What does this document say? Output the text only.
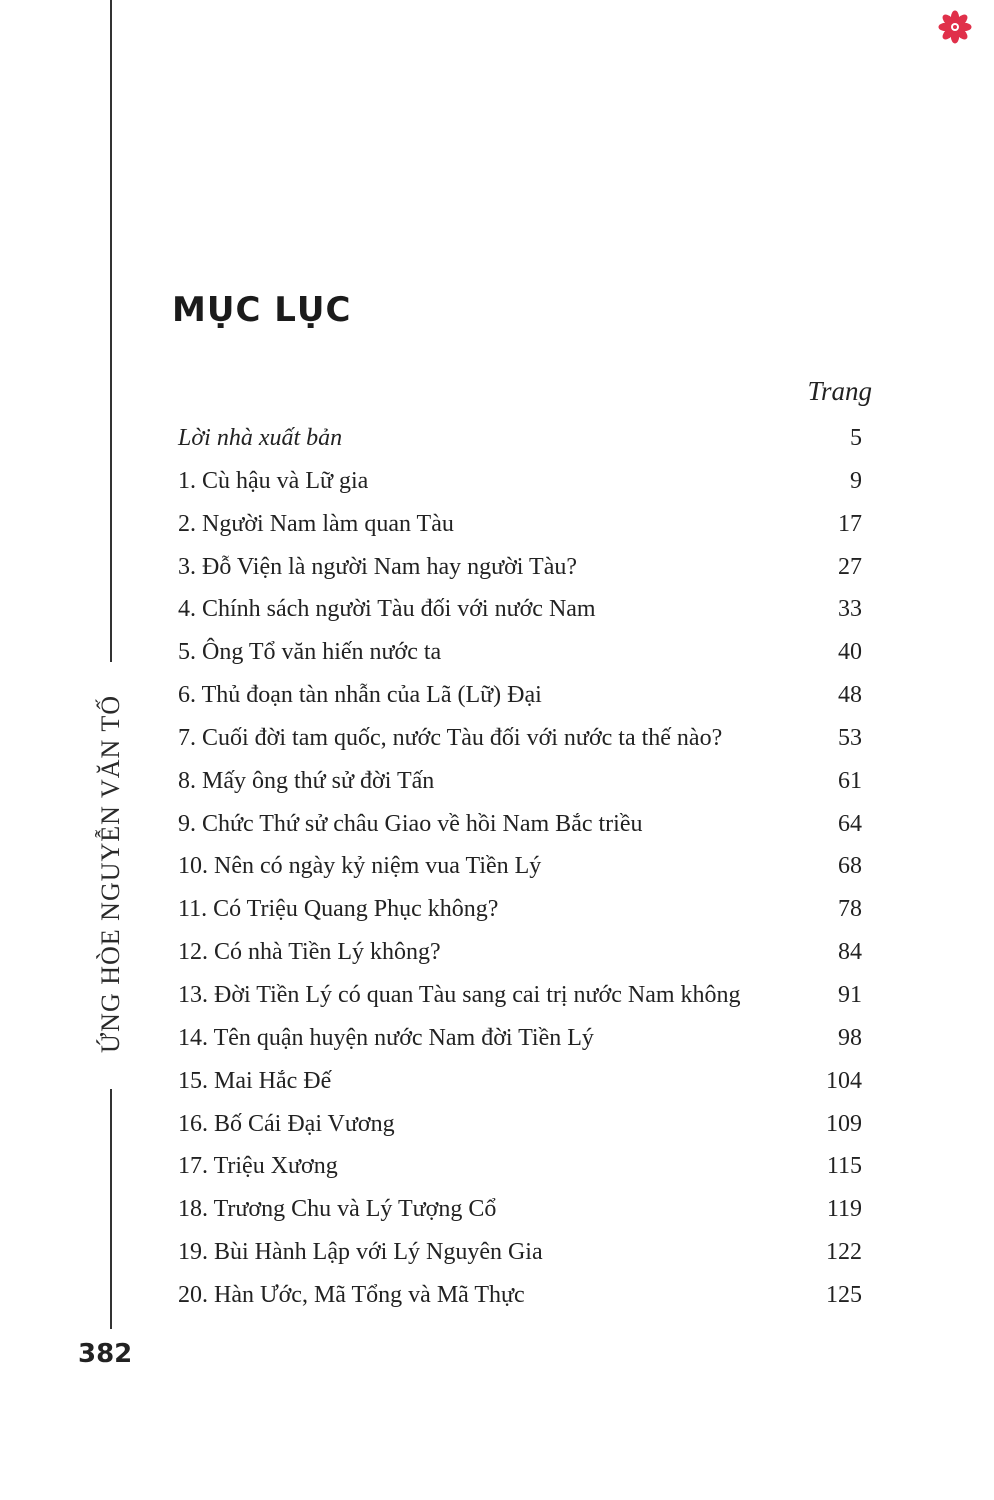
ỨNG HÒE NGUYỄN VĂN TỐ
MỤC LỤC
Trang
Lời nhà xuất bản	5
1. Cù hậu và Lữ gia	9
2. Người Nam làm quan Tàu	17
3. Đỗ Viện là người Nam hay người Tàu?	27
4. Chính sách người Tàu đối với nước Nam	33
5. Ông Tổ văn hiến nước ta	40
6. Thủ đoạn tàn nhẫn của Lã (Lữ) Đại	48
7. Cuối đời tam quốc, nước Tàu đối với nước ta thế nào?	53
8. Mấy ông thứ sử đời Tấn	61
9. Chức Thứ sử châu Giao về hồi Nam Bắc triều	64
10. Nên có ngày kỷ niệm vua Tiền Lý	68
11. Có Triệu Quang Phục không?	78
12. Có nhà Tiền Lý không?	84
13. Đời Tiền Lý có quan Tàu sang cai trị nước Nam không	91
14. Tên quận huyện nước Nam đời Tiền Lý	98
15. Mai Hắc Đế	104
16. Bố Cái Đại Vương	109
17. Triệu Xương	115
18. Trương Chu và Lý Tượng Cổ	119
19. Bùi Hành Lập với Lý Nguyên Gia	122
20. Hàn Ước, Mã Tổng và Mã Thực	125
382
